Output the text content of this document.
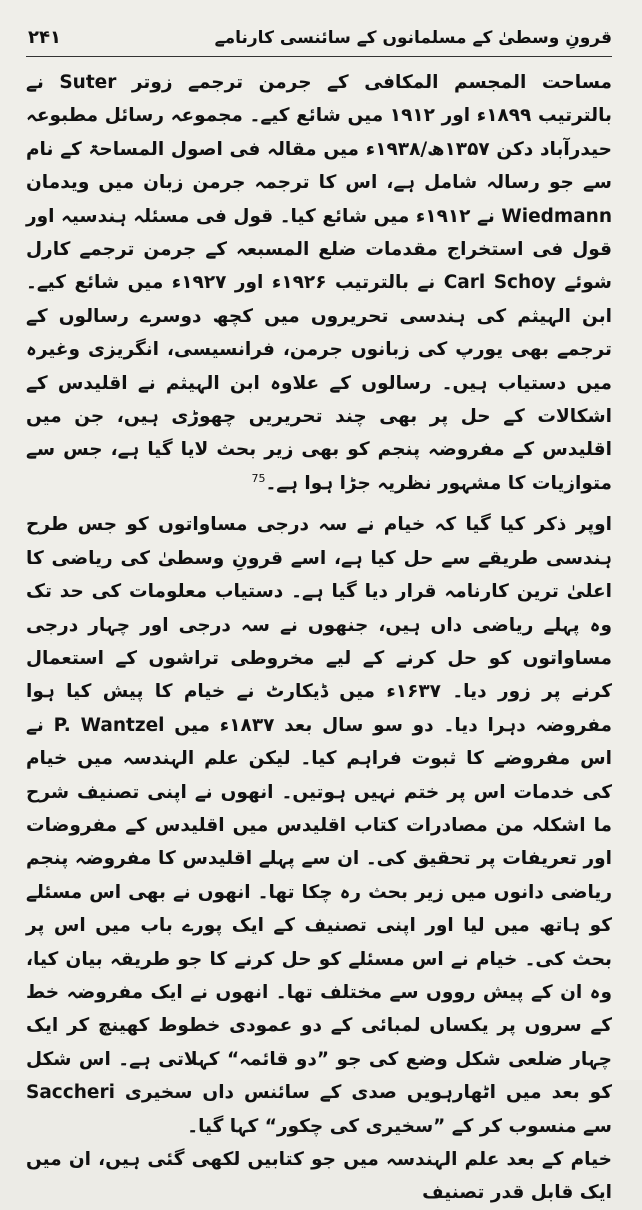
قرونِ وسطیٰ کے مسلمانوں کے سائنسی کارنامے
۲۴۱

مساحت المجسم المکافی کے جرمن ترجمے زوتر Suter نے بالترتیب ۱۸۹۹ء اور ۱۹۱۲ میں شائع کیے۔ مجموعہ رسائل مطبوعہ حیدرآباد دکن ۱۳۵۷ھ/۱۹۳۸ء میں مقالہ فی اصول المساحۃ کے نام سے جو رسالہ شامل ہے، اس کا ترجمہ جرمن زبان میں ویدمان Wiedmann نے ۱۹۱۲ء میں شائع کیا۔ قول فی مسئلہ ہندسیہ اور قول فی استخراج مقدمات ضلع المسبعہ کے جرمن ترجمے کارل شوئے Carl Schoy نے بالترتیب ۱۹۲۶ء اور ۱۹۲۷ء میں شائع کیے۔ ابن الہیثم کی ہندسی تحریروں میں کچھ دوسرے رسالوں کے ترجمے بھی یورپ کی زبانوں جرمن، فرانسیسی، انگریزی وغیرہ میں دستیاب ہیں۔ رسالوں کے علاوہ ابن الہیثم نے اقلیدس کے اشکالات کے حل پر بھی چند تحریریں چھوڑی ہیں، جن میں اقلیدس کے مفروضہ پنجم کو بھی زیر بحث لایا گیا ہے، جس سے متوازیات کا مشہور نظریہ جڑا ہوا ہے۔$^{75}$

اوپر ذکر کیا گیا کہ خیام نے سہ درجی مساواتوں کو جس طرح ہندسی طریقے سے حل کیا ہے، اسے قرونِ وسطیٰ کی ریاضی کا اعلیٰ ترین کارنامہ قرار دیا گیا ہے۔ دستیاب معلومات کی حد تک وہ پہلے ریاضی داں ہیں، جنھوں نے سہ درجی اور چہار درجی مساواتوں کو حل کرنے کے لیے مخروطی تراشوں کے استعمال کرنے پر زور دیا۔ ۱۶۳۷ء میں ڈیکارٹ نے خیام کا پیش کیا ہوا مفروضہ دہرا دیا۔ دو سو سال بعد ۱۸۳۷ء میں P. Wantzel نے اس مفروضے کا ثبوت فراہم کیا۔ لیکن علم الہندسہ میں خیام کی خدمات اس پر ختم نہیں ہوتیں۔ انھوں نے اپنی تصنیف شرح ما اشکلہ من مصادرات کتاب اقلیدس میں اقلیدس کے مفروضات اور تعریفات پر تحقیق کی۔ ان سے پہلے اقلیدس کا مفروضہ پنجم ریاضی دانوں میں زیر بحث رہ چکا تھا۔ انھوں نے بھی اس مسئلے کو ہاتھ میں لیا اور اپنی تصنیف کے ایک پورے باب میں اس پر بحث کی۔ خیام نے اس مسئلے کو حل کرنے کا جو طریقہ بیان کیا، وہ ان کے پیش رووں سے مختلف تھا۔ انھوں نے ایک مفروضہ خط کے سروں پر یکساں لمبائی کے دو عمودی خطوط کھینچ کر ایک چہار ضلعی شکل وضع کی جو ”دو قائمہ“ کہلاتی ہے۔ اس شکل کو بعد میں اٹھارہویں صدی کے سائنس داں سخیری Saccheri سے منسوب کر کے ”سخیری کی چکور“ کہا گیا۔

خیام کے بعد علم الہندسہ میں جو کتابیں لکھی گئی ہیں، ان میں ایک قابل قدر تصنیف
